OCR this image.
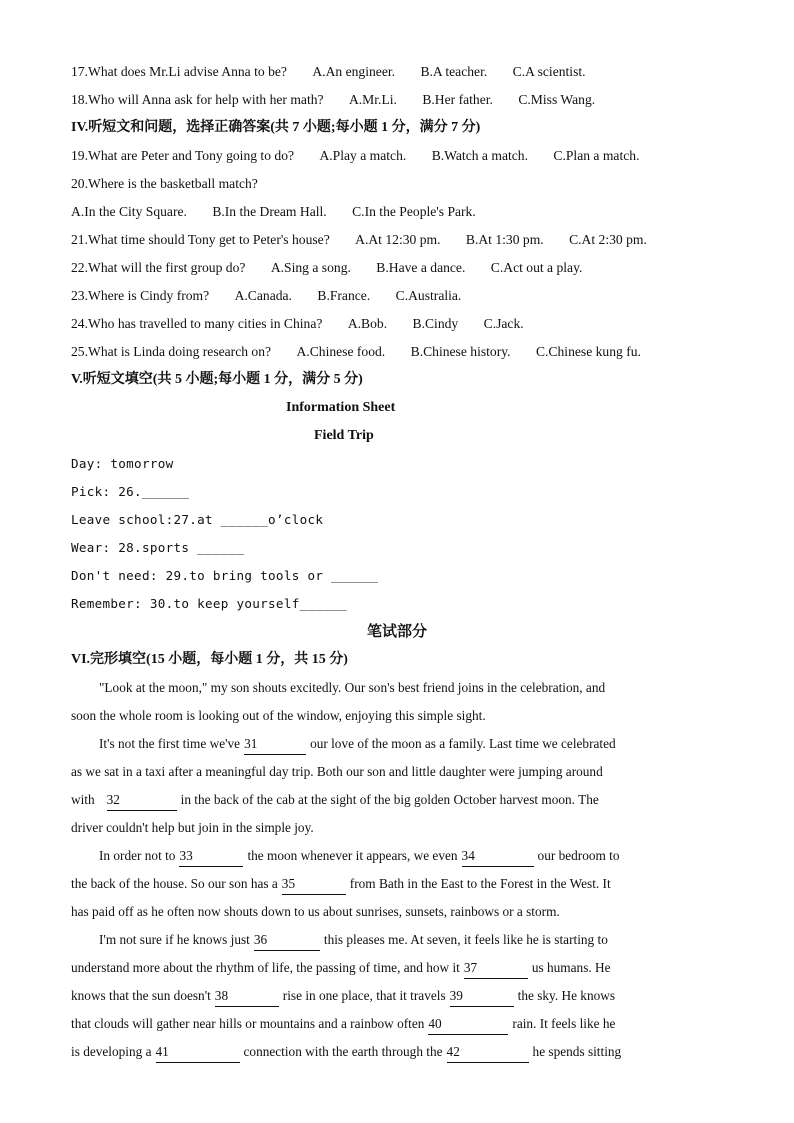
17.What does Mr.Li advise Anna to be? A.An engineer. B.A teacher. C.A scientist.
18.Who will Anna ask for help with her math? A.Mr.Li. B.Her father. C.Miss Wang.
IV.听短文和问题，选择正确答案(共 7 小题;每小题 1 分，满分 7 分)
19.What are Peter and Tony going to do? A.Play a match. B.Watch a match. C.Plan a match.
20.Where is the basketball match?
A.In the City Square. B.In the Dream Hall. C.In the People's Park.
21.What time should Tony get to Peter's house? A.At 12:30 pm. B.At 1:30 pm. C.At 2:30 pm.
22.What will the first group do? A.Sing a song. B.Have a dance. C.Act out a play.
23.Where is Cindy from? A.Canada. B.France. C.Australia.
24.Who has travelled to many cities in China? A.Bob. B.Cindy C.Jack.
25.What is Linda doing research on? A.Chinese food. B.Chinese history. C.Chinese kung fu.
V.听短文填空(共 5 小题;每小题 1 分，满分 5 分)
Information Sheet
Field Trip
Day: tomorrow
Pick: 26.______
Leave school:27.at ______o’clock
Wear: 28.sports ______
Don't need: 29.to bring tools or ______
Remember: 30.to keep yourself______
笔试部分
VI.完形填空(15 小题，每小题 1 分，共 15 分)
"Look at the moon," my son shouts excitedly. Our son's best friend joins in the celebration, and
soon the whole room is looking out of the window, enjoying this simple sight.
It's not the first time we've 31	our love of the moon as a family. Last time we celebrated
as we sat in a taxi after a meaningful day trip. Both our son and little daughter were jumping around
with 32	in the back of the cab at the sight of the big golden October harvest moon. The
driver couldn't help but join in the simple joy.
In order not to 33	the moon whenever it appears, we even 34	our bedroom to
the back of the house. So our son has a 35	from Bath in the East to the Forest in the West. It
has paid off as he often now shouts down to us about sunrises, sunsets, rainbows or a storm.
I'm not sure if he knows just 36	this pleases me. At seven, it feels like he is starting to
understand more about the rhythm of life, the passing of time, and how it 37	us humans. He
knows that the sun doesn't 38	rise in one place, that it travels 39	the sky. He knows
that clouds will gather near hills or mountains and a rainbow often 40	rain. It feels like he
is developing a 41	connection with the earth through the 42	he spends sitting
